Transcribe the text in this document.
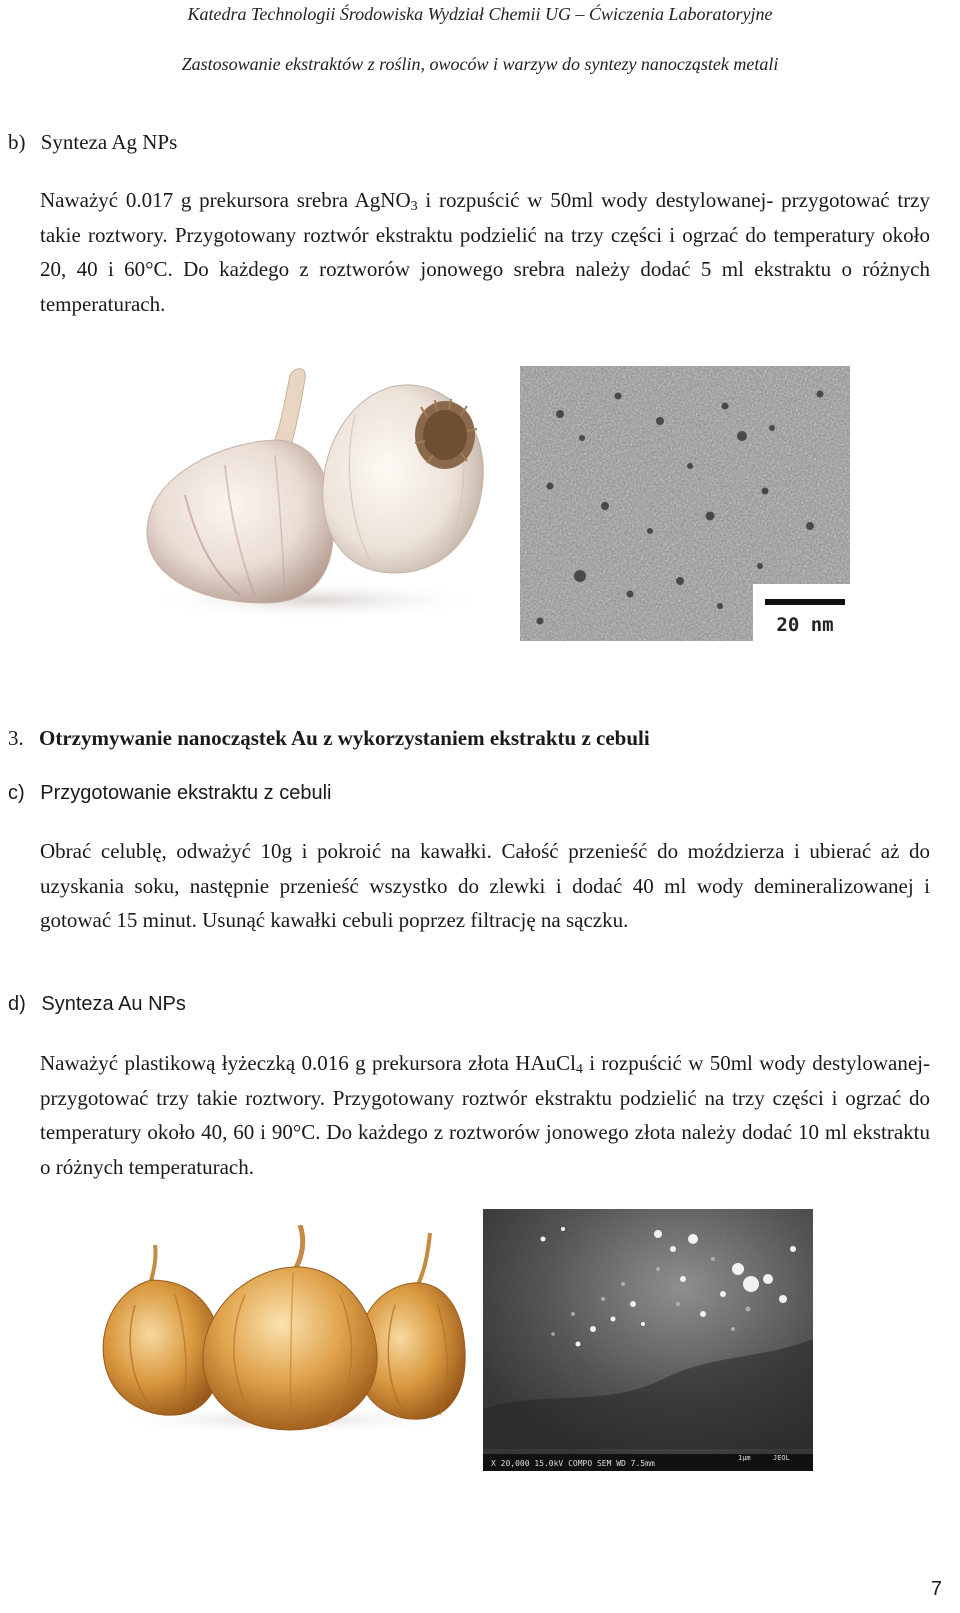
Katedra Technologii Środowiska Wydział Chemii UG – Ćwiczenia Laboratoryjne
Zastosowanie ekstraktów z roślin, owoców i warzyw do syntezy nanocząstek metali
b) Synteza Ag NPs

Naważyć 0.017 g prekursora srebra AgNO$_3$ i rozpuścić w 50ml wody destylowanej- przygotować trzy takie roztwory. Przygotowany roztwór ekstraktu podzielić na trzy części i ogrzać do temperatury około 20, 40 i 60°C. Do każdego z roztworów jonowego srebra należy dodać 5 ml ekstraktu o różnych temperaturach.

20 nm
3. Otrzymywanie nanocząstek Au z wykorzystaniem ekstraktu z cebuli
c) Przygotowanie ekstraktu z cebuli

Obrać celublę, odważyć 10g i pokroić na kawałki. Całość przenieść do moździerza i ubierać aż do uzyskania soku, następnie przenieść wszystko do zlewki i dodać 40 ml wody demineralizowanej i gotować 15 minut. Usunąć kawałki cebuli poprzez filtrację na sączku.

d) Synteza Au NPs

Naważyć plastikową łyżeczką 0.016 g prekursora złota HAuCl$_4$ i rozpuścić w 50ml wody destylowanej-przygotować trzy takie roztwory. Przygotowany roztwór ekstraktu podzielić na trzy części i ogrzać do temperatury około 40, 60 i 90°C. Do każdego z roztworów jonowego złota należy dodać 10 ml ekstraktu o różnych temperaturach.

X 20,000 15.0kV COMPO SEM WD 7.5mm
1µm	JEOL
7
